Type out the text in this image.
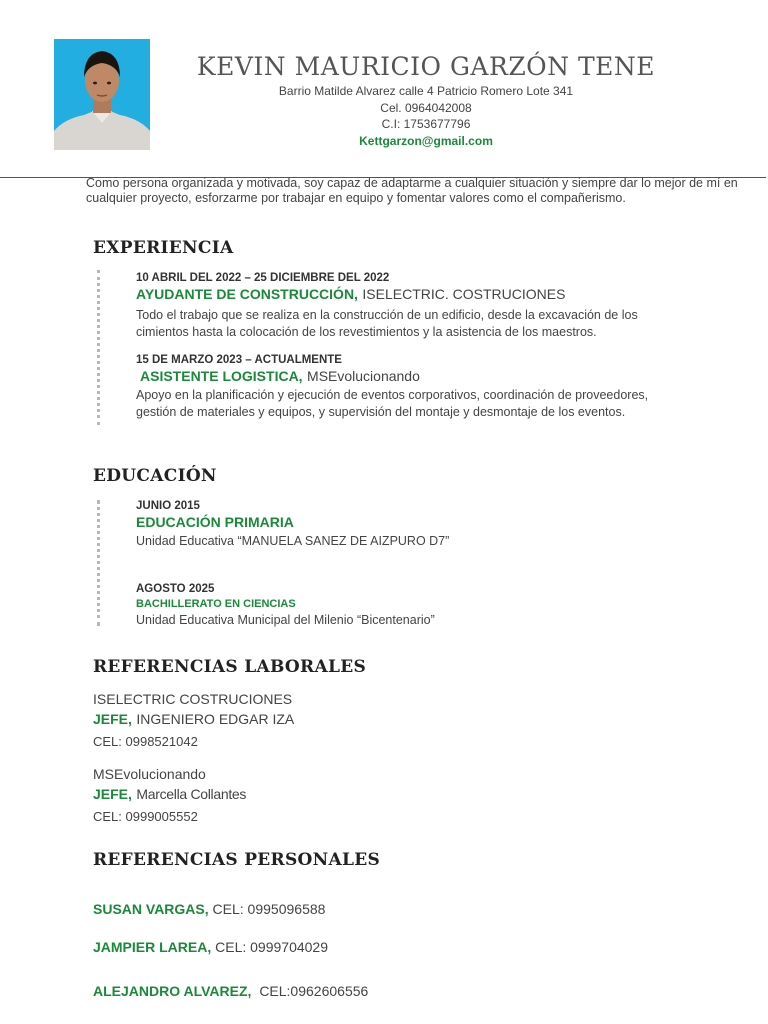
KEVIN MAURICIO GARZÓN TENE
Barrio Matilde Alvarez calle 4 Patricio Romero Lote 341
Cel. 0964042008
C.I: 1753677796
Kettgarzon@gmail.com
Como persona organizada y motivada, soy capaz de adaptarme a cualquier situación y siempre dar lo mejor de mí en cualquier proyecto, esforzarme por trabajar en equipo y fomentar valores como el compañerismo.
EXPERIENCIA
10 ABRIL DEL 2022 – 25 DICIEMBRE DEL 2022
AYUDANTE DE CONSTRUCCIÓN, ISELECTRIC. COSTRUCIONES
Todo el trabajo que se realiza en la construcción de un edificio, desde la excavación de los
cimientos hasta la colocación de los revestimientos y la asistencia de los maestros.
15 DE MARZO 2023 – ACTUALMENTE
ASISTENTE LOGISTICA, MSEvolucionando
Apoyo en la planificación y ejecución de eventos corporativos, coordinación de proveedores,
gestión de materiales y equipos, y supervisión del montaje y desmontaje de los eventos.
EDUCACIÓN
JUNIO 2015
EDUCACIÓN PRIMARIA
Unidad Educativa “MANUELA SANEZ DE AIZPURO D7”
AGOSTO 2025
BACHILLERATO EN CIENCIAS
Unidad Educativa Municipal del Milenio “Bicentenario”
REFERENCIAS LABORALES
ISELECTRIC COSTRUCIONES
JEFE, INGENIERO EDGAR IZA
CEL: 0998521042
MSEvolucionando
JEFE, Marcella Collantes
CEL: 0999005552
REFERENCIAS PERSONALES
SUSAN VARGAS, CEL: 0995096588
JAMPIER LAREA, CEL: 0999704029
ALEJANDRO ALVAREZ, CEL:0962606556
